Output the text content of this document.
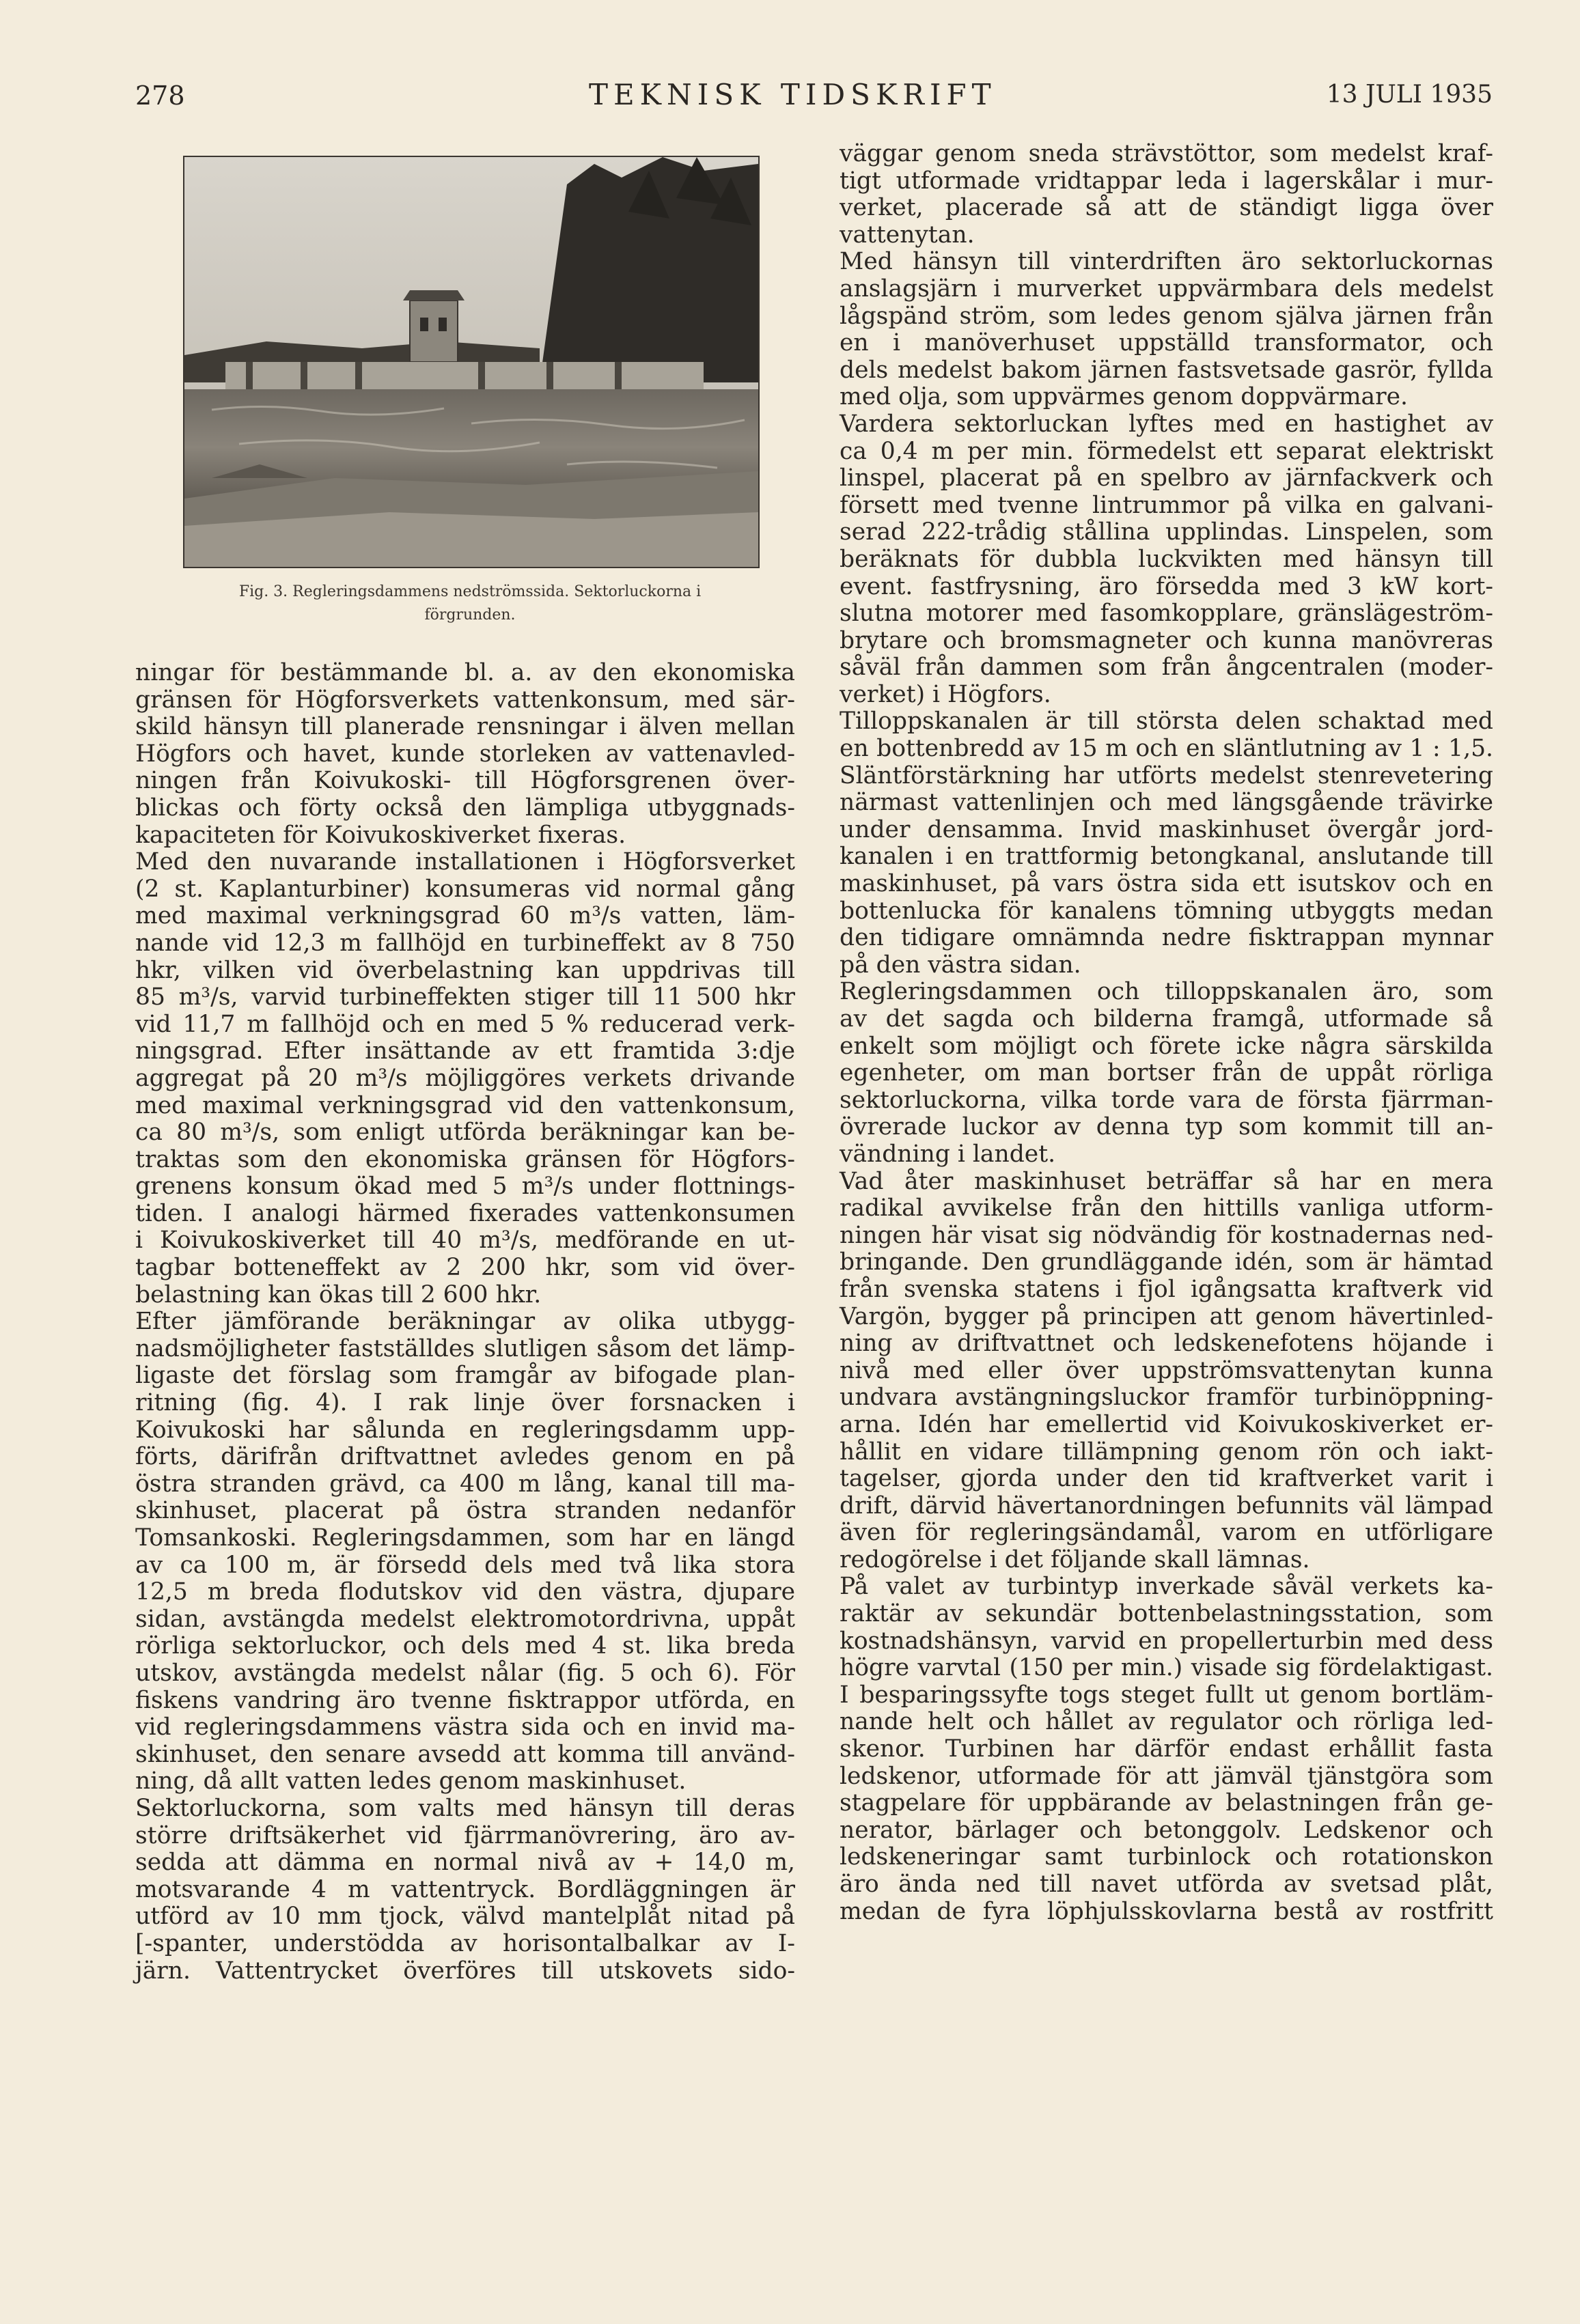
278	TEKNISK TIDSKRIFT	13 JULI 1935
Fig. 3. Regleringsdammens nedströmssida. Sektorluckorna i
förgrunden.
ningar för bestämmande bl. a. av den ekonomiska
gränsen för Högforsverkets vattenkonsum, med sär-
skild hänsyn till planerade rensningar i älven mellan
Högfors och havet, kunde storleken av vattenavled-
ningen från Koivukoski- till Högforsgrenen över-
blickas och förty också den lämpliga utbyggnads-
kapaciteten för Koivukoskiverket fixeras.
Med den nuvarande installationen i Högforsverket
(2 st. Kaplanturbiner) konsumeras vid normal gång
med maximal verkningsgrad 60 m³/s vatten, läm-
nande vid 12,3 m fallhöjd en turbineffekt av 8 750
hkr, vilken vid överbelastning kan uppdrivas till
85 m³/s, varvid turbineffekten stiger till 11 500 hkr
vid 11,7 m fallhöjd och en med 5 % reducerad verk-
ningsgrad. Efter insättande av ett framtida 3:dje
aggregat på 20 m³/s möjliggöres verkets drivande
med maximal verkningsgrad vid den vattenkonsum,
ca 80 m³/s, som enligt utförda beräkningar kan be-
traktas som den ekonomiska gränsen för Högfors-
grenens konsum ökad med 5 m³/s under flottnings-
tiden. I analogi härmed fixerades vattenkonsumen
i Koivukoskiverket till 40 m³/s, medförande en ut-
tagbar botteneffekt av 2 200 hkr, som vid över-
belastning kan ökas till 2 600 hkr.
Efter jämförande beräkningar av olika utbygg-
nadsmöjligheter fastställdes slutligen såsom det lämp-
ligaste det förslag som framgår av bifogade plan-
ritning (fig. 4). I rak linje över forsnacken i
Koivukoski har sålunda en regleringsdamm upp-
förts, därifrån driftvattnet avledes genom en på
östra stranden grävd, ca 400 m lång, kanal till ma-
skinhuset, placerat på östra stranden nedanför
Tomsankoski. Regleringsdammen, som har en längd
av ca 100 m, är försedd dels med två lika stora
12,5 m breda flodutskov vid den västra, djupare
sidan, avstängda medelst elektromotordrivna, uppåt
rörliga sektorluckor, och dels med 4 st. lika breda
utskov, avstängda medelst nålar (fig. 5 och 6). För
fiskens vandring äro tvenne fisktrappor utförda, en
vid regleringsdammens västra sida och en invid ma-
skinhuset, den senare avsedd att komma till använd-
ning, då allt vatten ledes genom maskinhuset.
Sektorluckorna, som valts med hänsyn till deras
större driftsäkerhet vid fjärrmanövrering, äro av-
sedda att dämma en normal nivå av + 14,0 m,
motsvarande 4 m vattentryck. Bordläggningen är
utförd av 10 mm tjock, välvd mantelplåt nitad på
[-spanter, understödda av horisontalbalkar av I-
järn. Vattentrycket överföres till utskovets sido-
väggar genom sneda strävstöttor, som medelst kraf-
tigt utformade vridtappar leda i lagerskålar i mur-
verket, placerade så att de ständigt ligga över
vattenytan.
Med hänsyn till vinterdriften äro sektorluckornas
anslagsjärn i murverket uppvärmbara dels medelst
lågspänd ström, som ledes genom själva järnen från
en i manöverhuset uppställd transformator, och
dels medelst bakom järnen fastsvetsade gasrör, fyllda
med olja, som uppvärmes genom doppvärmare.
Vardera sektorluckan lyftes med en hastighet av
ca 0,4 m per min. förmedelst ett separat elektriskt
linspel, placerat på en spelbro av järnfackverk och
försett med tvenne lintrummor på vilka en galvani-
serad 222-trådig stållina upplindas. Linspelen, som
beräknats för dubbla luckvikten med hänsyn till
event. fastfrysning, äro försedda med 3 kW kort-
slutna motorer med fasomkopplare, gränslägeström-
brytare och bromsmagneter och kunna manövreras
såväl från dammen som från ångcentralen (moder-
verket) i Högfors.
Tilloppskanalen är till största delen schaktad med
en bottenbredd av 15 m och en släntlutning av 1 : 1,5.
Släntförstärkning har utförts medelst stenrevetering
närmast vattenlinjen och med längsgående trävirke
under densamma. Invid maskinhuset övergår jord-
kanalen i en trattformig betongkanal, anslutande till
maskinhuset, på vars östra sida ett isutskov och en
bottenlucka för kanalens tömning utbyggts medan
den tidigare omnämnda nedre fisktrappan mynnar
på den västra sidan.
Regleringsdammen och tilloppskanalen äro, som
av det sagda och bilderna framgå, utformade så
enkelt som möjligt och förete icke några särskilda
egenheter, om man bortser från de uppåt rörliga
sektorluckorna, vilka torde vara de första fjärrman-
övrerade luckor av denna typ som kommit till an-
vändning i landet.
Vad åter maskinhuset beträffar så har en mera
radikal avvikelse från den hittills vanliga utform-
ningen här visat sig nödvändig för kostnadernas ned-
bringande. Den grundläggande idén, som är hämtad
från svenska statens i fjol igångsatta kraftverk vid
Vargön, bygger på principen att genom hävertinled-
ning av driftvattnet och ledskenefotens höjande i
nivå med eller över uppströmsvattenytan kunna
undvara avstängningsluckor framför turbinöppning-
arna. Idén har emellertid vid Koivukoskiverket er-
hållit en vidare tillämpning genom rön och iakt-
tagelser, gjorda under den tid kraftverket varit i
drift, därvid hävertanordningen befunnits väl lämpad
även för regleringsändamål, varom en utförligare
redogörelse i det följande skall lämnas.
På valet av turbintyp inverkade såväl verkets ka-
raktär av sekundär bottenbelastningsstation, som
kostnadshänsyn, varvid en propellerturbin med dess
högre varvtal (150 per min.) visade sig fördelaktigast.
I besparingssyfte togs steget fullt ut genom bortläm-
nande helt och hållet av regulator och rörliga led-
skenor. Turbinen har därför endast erhållit fasta
ledskenor, utformade för att jämväl tjänstgöra som
stagpelare för uppbärande av belastningen från ge-
nerator, bärlager och betonggolv. Ledskenor och
ledskeneringar samt turbinlock och rotationskon
äro ända ned till navet utförda av svetsad plåt,
medan de fyra löphjulsskovlarna bestå av rostfritt
